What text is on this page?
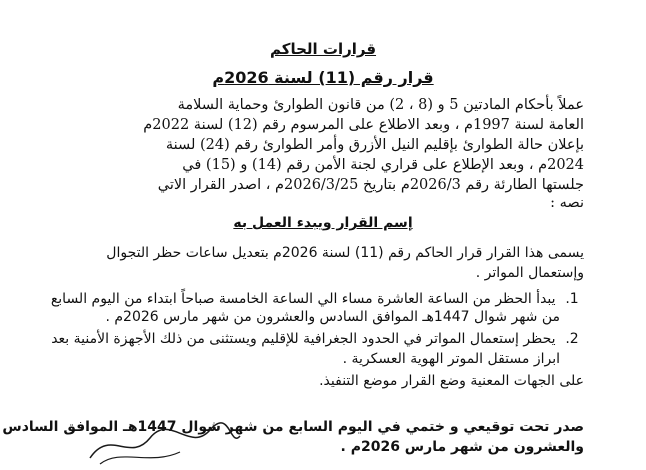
قرارات الحاكم
قرار رقم (11) لسنة 2026م
عملاً بأحكام المادتين 5 و (8 ، 2) من قانون الطوارئ وحماية السلامة
العامة لسنة 1997م ، وبعد الاطلاع على المرسوم رقم (12) لسنة 2022م
بإعلان حالة الطوارئ بإقليم النيل الأزرق وأمر الطوارئ رقم (24) لسنة
2024م ، وبعد الإطلاع على قراري لجنة الأمن رقم (14) و (15) في
جلستها الطارئة رقم 2026/3م بتاريخ 2026/3/25م ، اصدر القرار الاتي
نصه :
إسم القرار ويبدء العمل به
يسمى هذا القرار قرار الحاكم رقم (11) لسنة 2026م بتعديل ساعات حظر التجوال
وإستعمال المواتر .
1. يبدأ الحظر من الساعة العاشرة مساء الي الساعة الخامسة صباحاً ابتداء من اليوم السابع
من شهر شوال 1447هـ الموافق السادس والعشرون من شهر مارس 2026م .
2. يحظر إستعمال المواتر في الحدود الجغرافية للإقليم ويستثنى من ذلك الأجهزة الأمنية بعد
ابراز مستقل الموتر الهوية العسكرية .
على الجهات المعنية وضع القرار موضع التنفيذ.
صدر تحت توقيعي و ختمي في اليوم السابع من شهر شوال 1447هـ الموافق السادس
والعشرون من شهر مارس 2026م .
